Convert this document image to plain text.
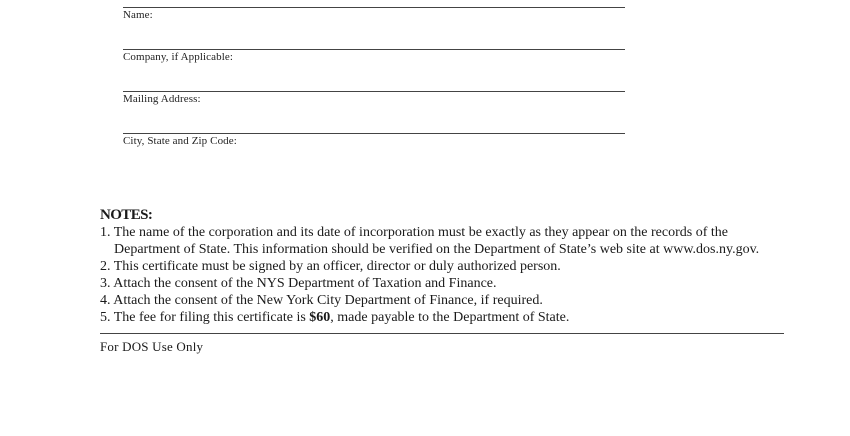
Name:
Company, if Applicable:
Mailing Address:
City, State and Zip Code:
NOTES:
1. The name of the corporation and its date of incorporation must be exactly as they appear on the records of the
Department of State. This information should be verified on the Department of State’s web site at www.dos.ny.gov.
2. This certificate must be signed by an officer, director or duly authorized person.
3. Attach the consent of the NYS Department of Taxation and Finance.
4. Attach the consent of the New York City Department of Finance, if required.
5. The fee for filing this certificate is $60, made payable to the Department of State.
For DOS Use Only
